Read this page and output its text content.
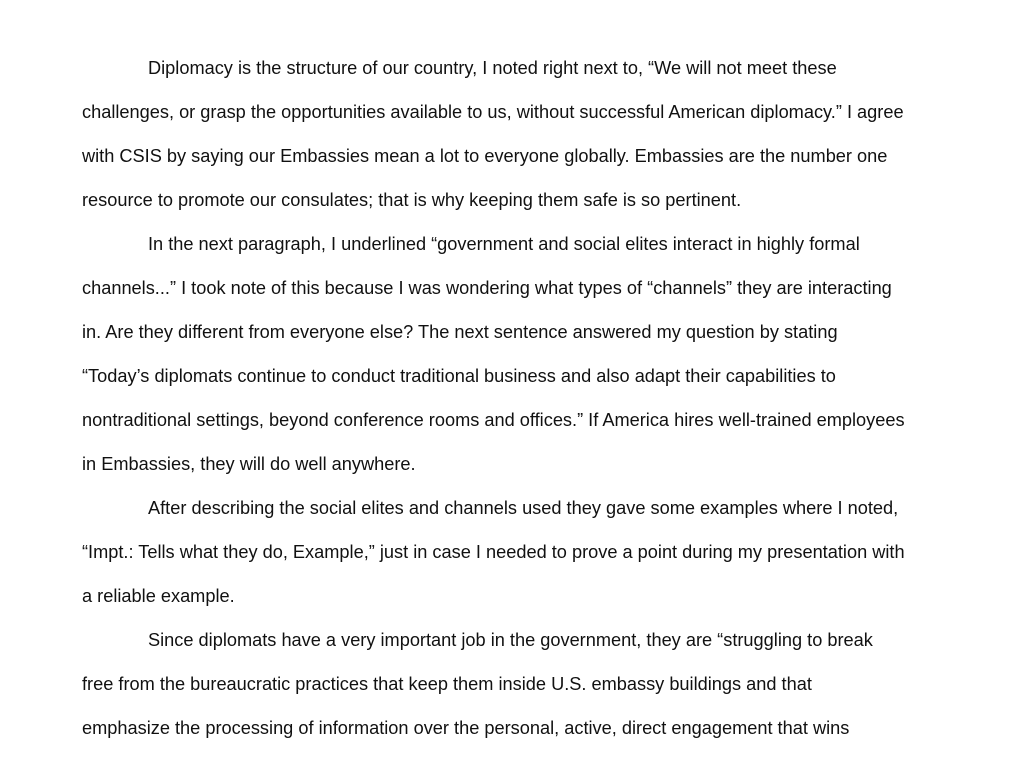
Diplomacy is the structure of our country, I noted right next to, “We will not meet these
challenges, or grasp the opportunities available to us, without successful American diplomacy.” I agree
with CSIS by saying our Embassies mean a lot to everyone globally. Embassies are the number one
resource to promote our consulates; that is why keeping them safe is so pertinent.
In the next paragraph, I underlined “government and social elites interact in highly formal
channels...” I took note of this because I was wondering what types of “channels” they are interacting
in. Are they different from everyone else? The next sentence answered my question by stating
“Today’s diplomats continue to conduct traditional business and also adapt their capabilities to
nontraditional settings, beyond conference rooms and offices.” If America hires well-trained employees
in Embassies, they will do well anywhere.
After describing the social elites and channels used they gave some examples where I noted,
“Impt.: Tells what they do, Example,” just in case I needed to prove a point during my presentation with
a reliable example.
Since diplomats have a very important job in the government, they are “struggling to break
free from the bureaucratic practices that keep them inside U.S. embassy buildings and that
emphasize the processing of information over the personal, active, direct engagement that wins
